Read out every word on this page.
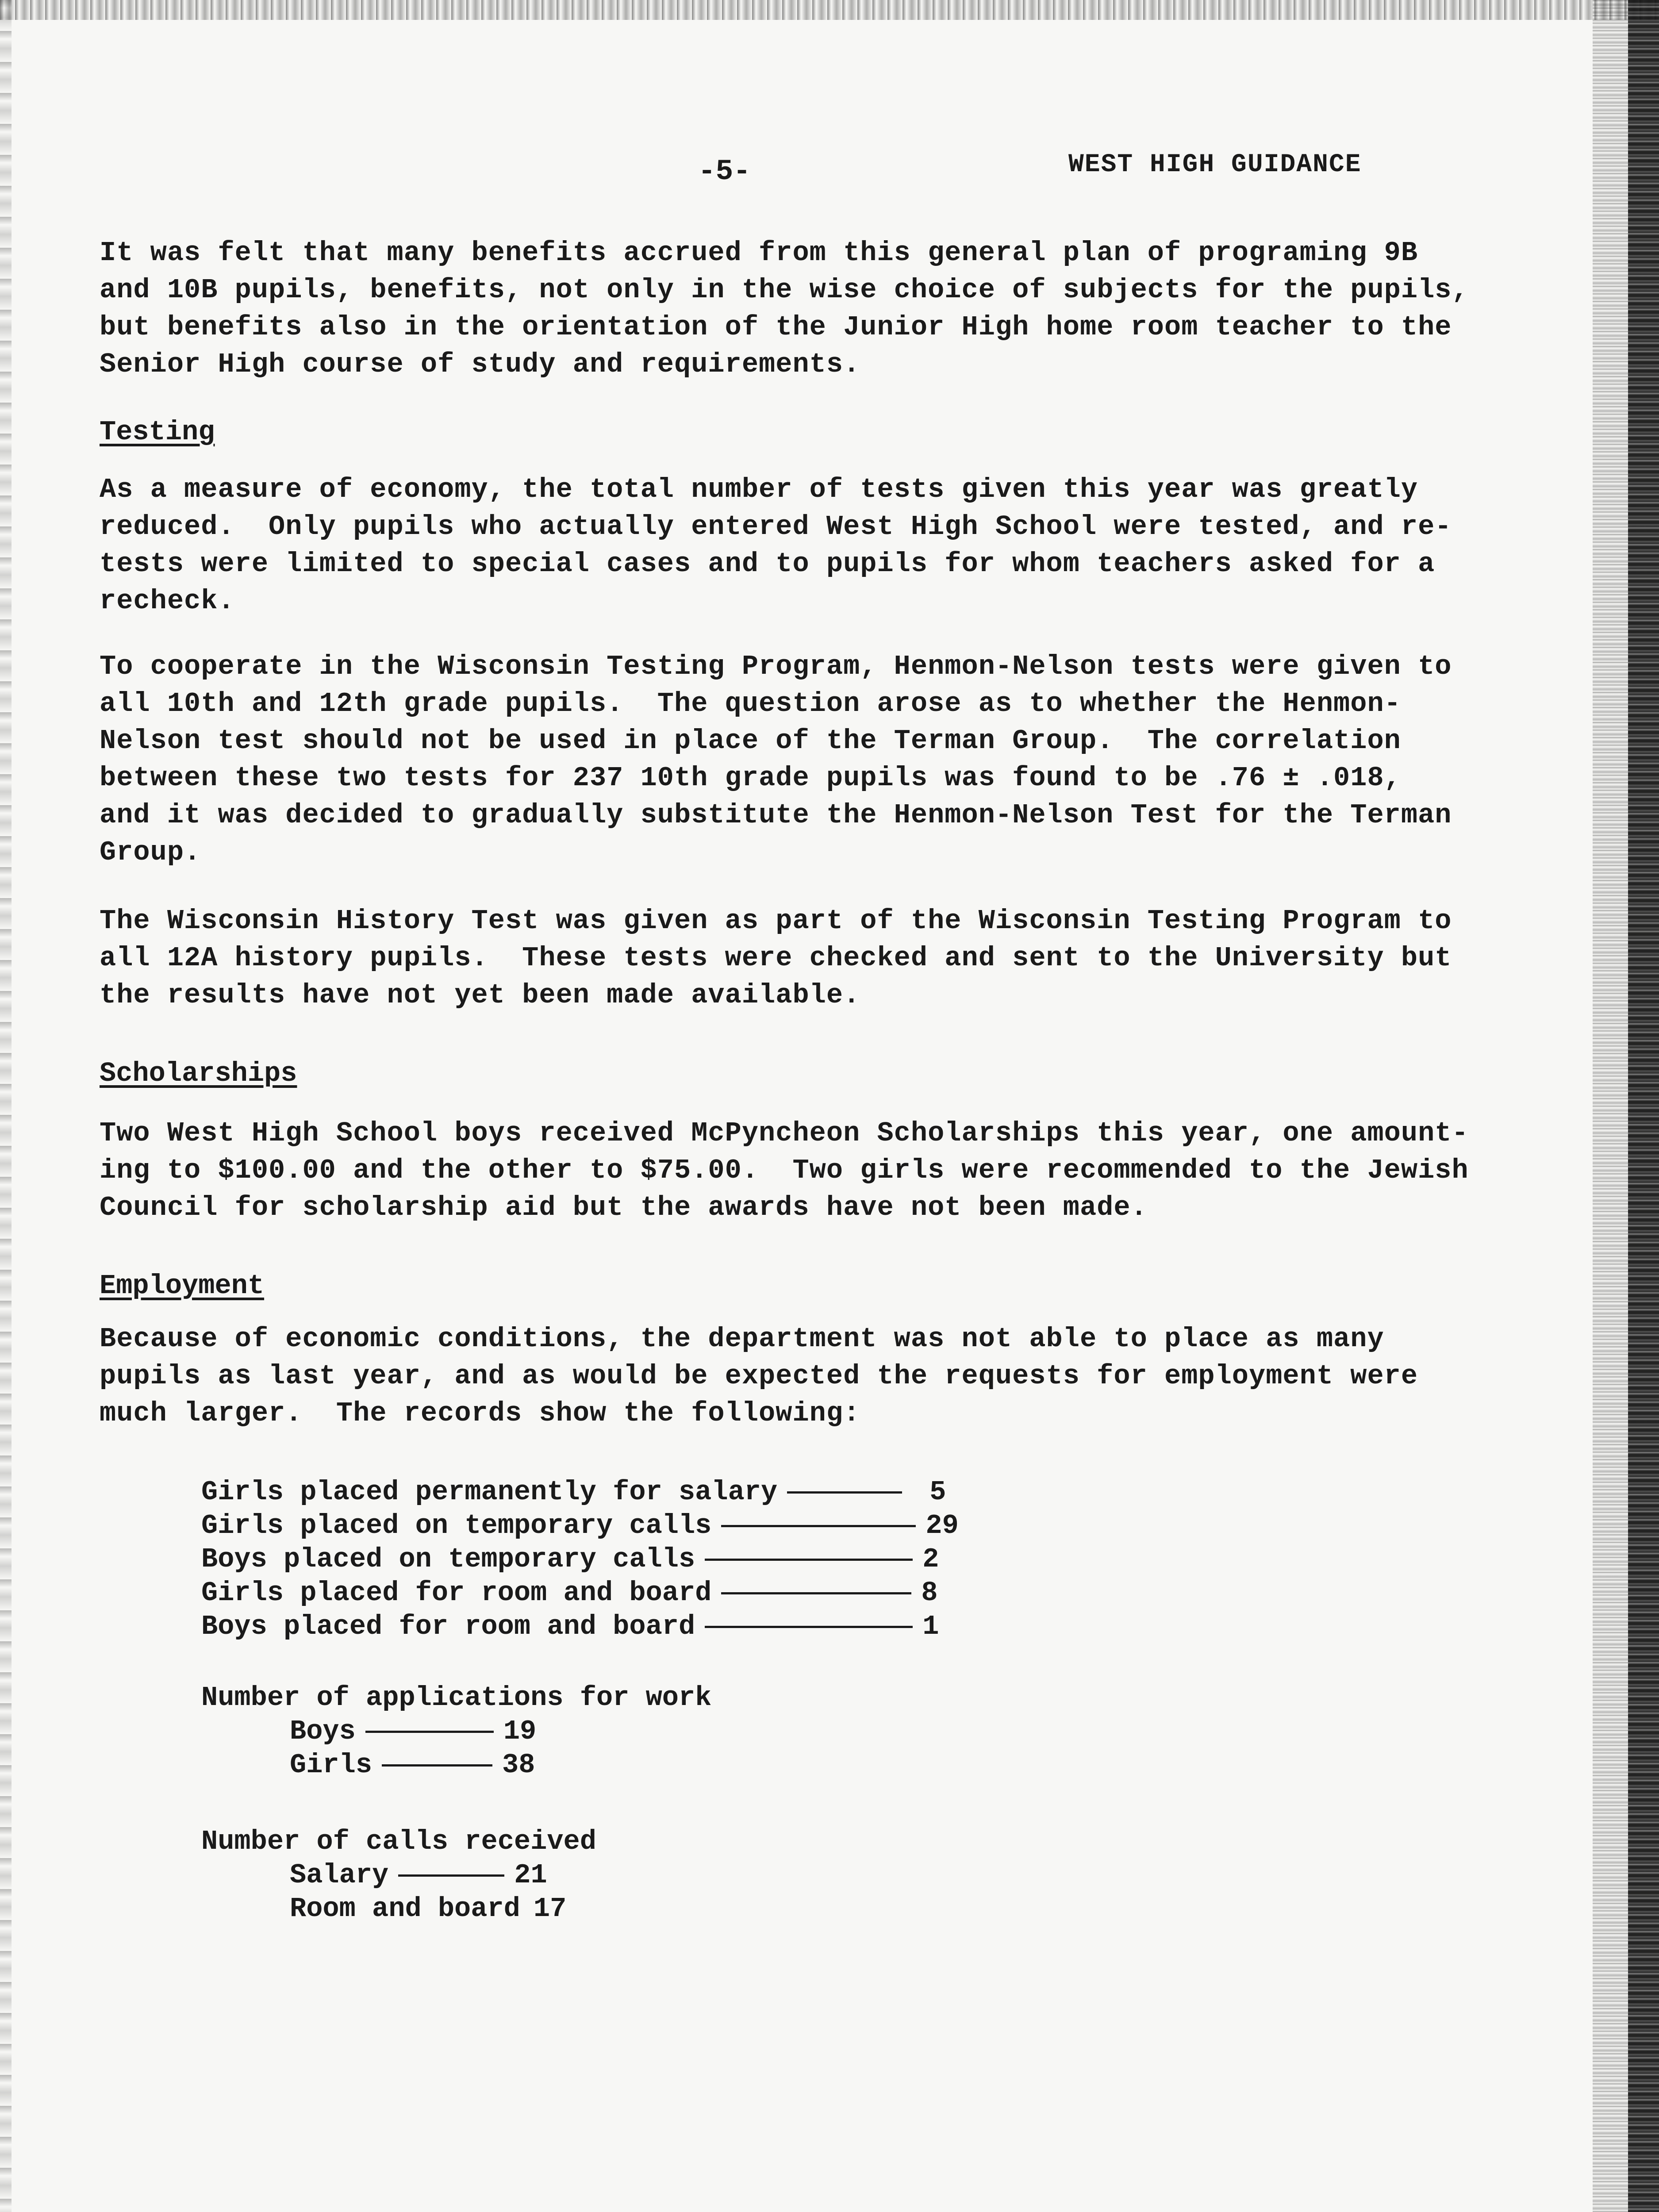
-5-	WEST HIGH GUIDANCE
It was felt that many benefits accrued from this general plan of programing 9B
and 10B pupils, benefits, not only in the wise choice of subjects for the pupils,
but benefits also in the orientation of the Junior High home room teacher to the
Senior High course of study and requirements.
Testing
As a measure of economy, the total number of tests given this year was greatly
reduced.  Only pupils who actually entered West High School were tested, and re-
tests were limited to special cases and to pupils for whom teachers asked for a
recheck.
To cooperate in the Wisconsin Testing Program, Henmon-Nelson tests were given to
all 10th and 12th grade pupils.  The question arose as to whether the Henmon-
Nelson test should not be used in place of the Terman Group.  The correlation
between these two tests for 237 10th grade pupils was found to be .76 ± .018,
and it was decided to gradually substitute the Henmon-Nelson Test for the Terman
Group.
The Wisconsin History Test was given as part of the Wisconsin Testing Program to
all 12A history pupils.  These tests were checked and sent to the University but
the results have not yet been made available.
Scholarships
Two West High School boys received McPyncheon Scholarships this year, one amount-
ing to $100.00 and the other to $75.00.  Two girls were recommended to the Jewish
Council for scholarship aid but the awards have not been made.
Employment
Because of economic conditions, the department was not able to place as many
pupils as last year, and as would be expected the requests for employment were
much larger.  The records show the following:
Girls placed permanently for salary	5
Girls placed on temporary calls	29
Boys placed on temporary calls	2
Girls placed for room and board	8
Boys placed for room and board	1
Number of applications for work
Boys	19
Girls	38
Number of calls received
Salary	21
Room and board 17
